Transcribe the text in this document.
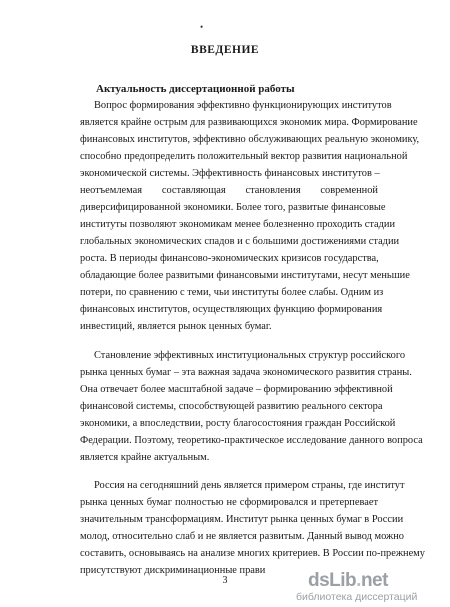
•
ВВЕДЕНИЕ
Актуальность диссертационной работы
Вопрос формирования эффективно функционирующих институтов
является крайне острым для развивающихся экономик мира. Формирование
финансовых институтов, эффективно обслуживающих реальную экономику,
способно предопределить положительный вектор развития национальной
экономической системы. Эффективность финансовых институтов –
неотъемлемая составляющая становления современной
диверсифицированной экономики. Более того, развитые финансовые
институты позволяют экономикам менее болезненно проходить стадии
глобальных экономических спадов и с большими достижениями стадии
роста. В периоды финансово-экономических кризисов государства,
обладающие более развитыми финансовыми институтами, несут меньшие
потери, по сравнению с теми, чьи институты более слабы. Одним из
финансовых институтов, осуществляющих функцию формирования
инвестиций, является рынок ценных бумаг.
Становление эффективных институциональных структур российского
рынка ценных бумаг – эта важная задача экономического развития страны.
Она отвечает более масштабной задаче – формированию эффективной
финансовой системы, способствующей развитию реального сектора
экономики, а впоследствии, росту благосостояния граждан Российской
Федерации. Поэтому, теоретико-практическое исследование данного вопроса
является крайне актуальным.
Россия на сегодняшний день является примером страны, где институт
рынка ценных бумаг полностью не сформировался и претерпевает
значительным трансформациям. Институт рынка ценных бумаг в России
молод, относительно слаб и не является развитым. Данный вывод можно
составить, основываясь на анализе многих критериев. В России по-прежнему
присутствуют дискриминационные прави
3	dsLib.net
библиотека диссертаций
